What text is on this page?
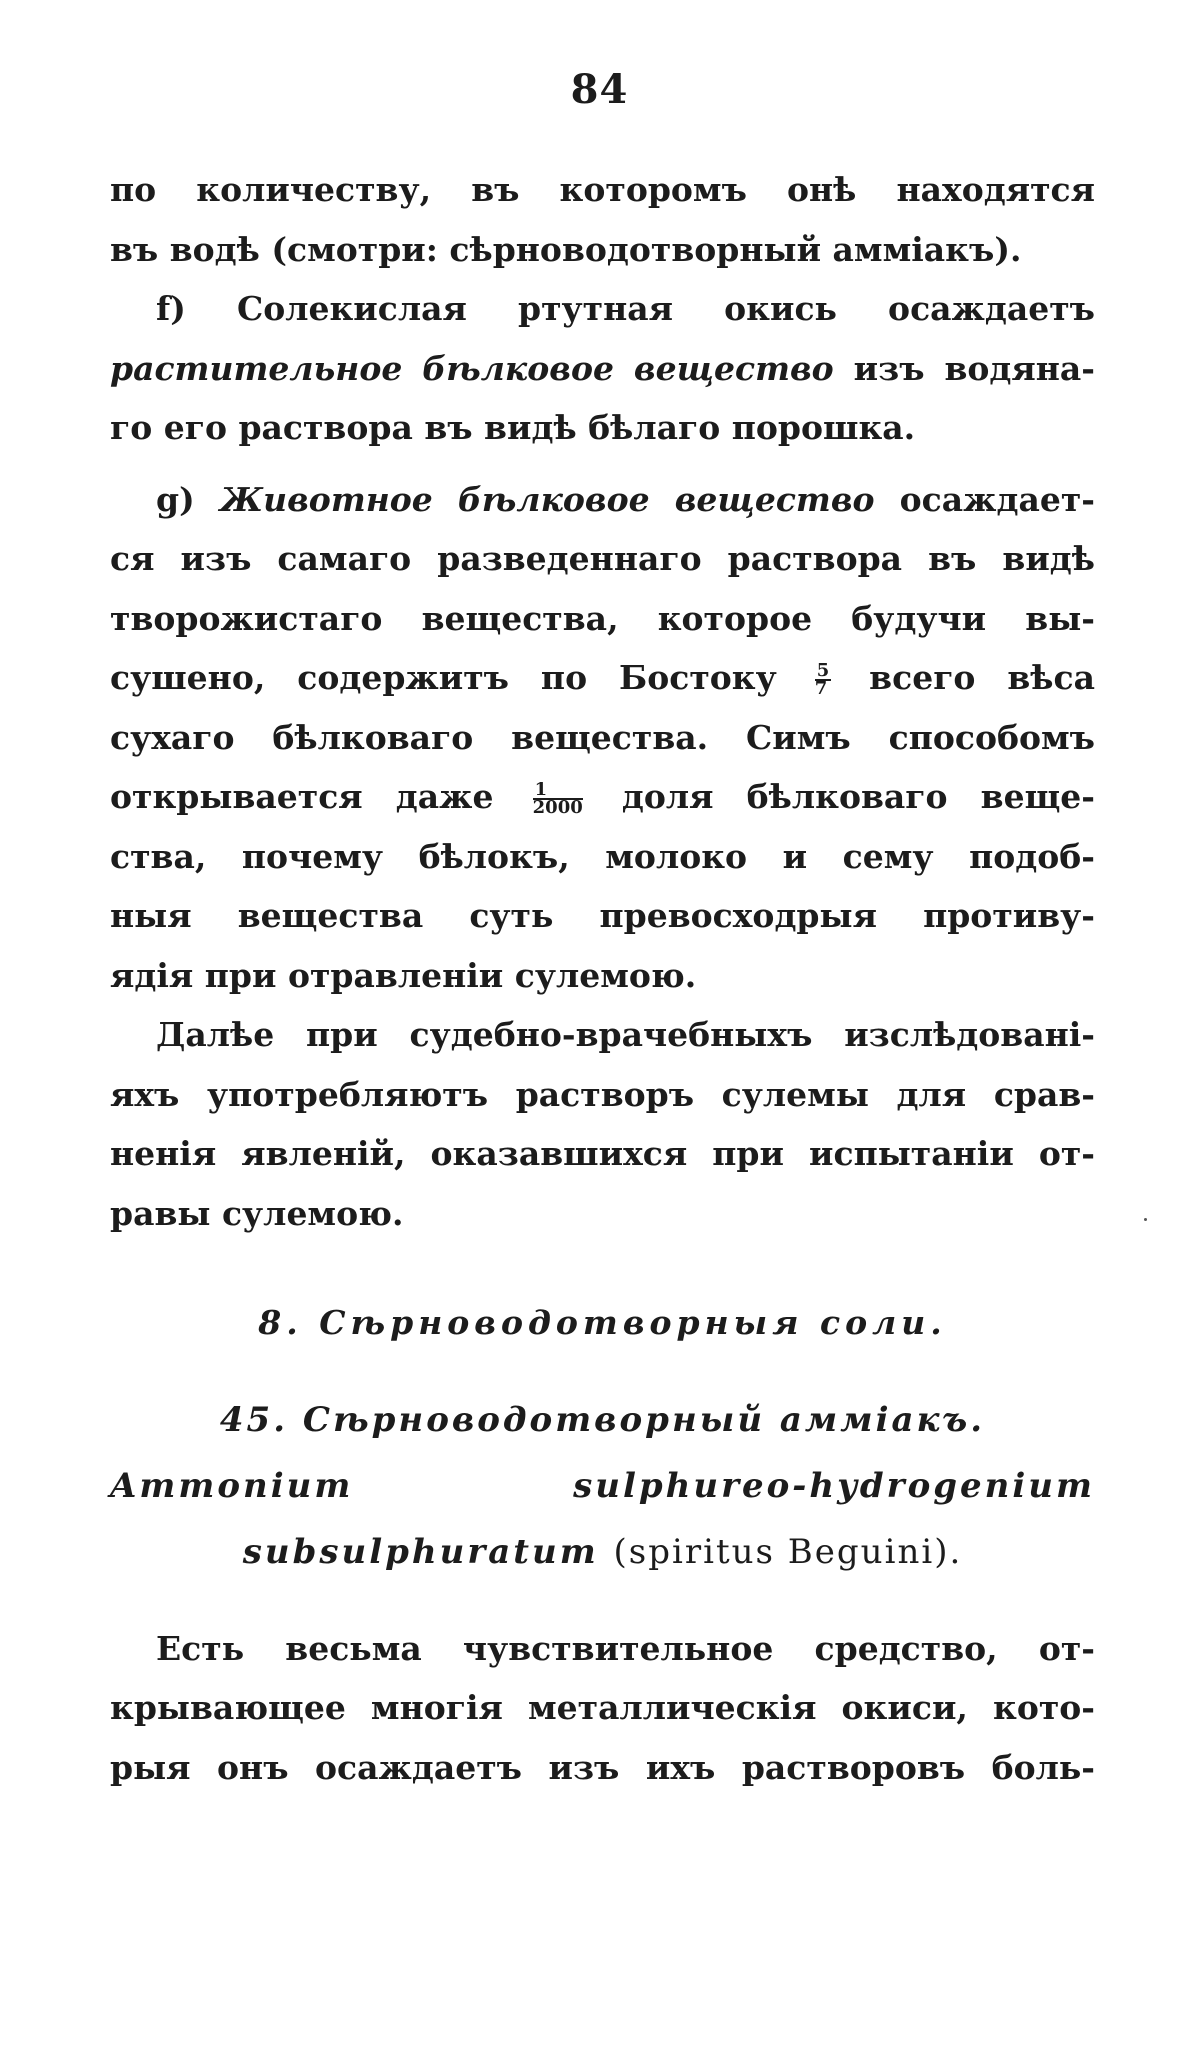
84
по количеству, въ которомъ онѣ находятся
въ водѣ (смотри: сѣрноводотворный амміакъ).
f) Солекислая ртутная окись осаждаетъ
растительное бѣлковое вещество изъ водяна-
го его раствора въ видѣ бѣлаго порошка.
g) Животное бѣлковое вещество осаждает-
ся изъ самаго разведеннаго раствора въ видѣ
творожистаго вещества, которое будучи вы-
сушено, содержитъ по Бостоку $\frac{5}{7}$ всего вѣса
сухаго бѣлковаго вещества. Симъ способомъ
открывается даже $\frac{1}{2000}$ доля бѣлковаго веще-
ства, почему бѣлокъ, молоко и сему подоб-
ныя вещества суть превосходрыя противу-
ядія при отравленіи сулемою.
Далѣе при судебно-врачебныхъ изслѣдовані-
яхъ употребляютъ растворъ сулемы для срав-
ненія явленій, оказавшихся при испытаніи от-
равы сулемою.
8. Сѣрноводотворныя соли.
45. Сѣрноводотворный амміакъ.
Ammonium sulphureo-hydrogenium
subsulphuratum (spiritus Beguini).
Есть весьма чувствительное средство, от-
крывающее многія металлическія окиси, кото-
рыя онъ осаждаетъ изъ ихъ растворовъ боль-
